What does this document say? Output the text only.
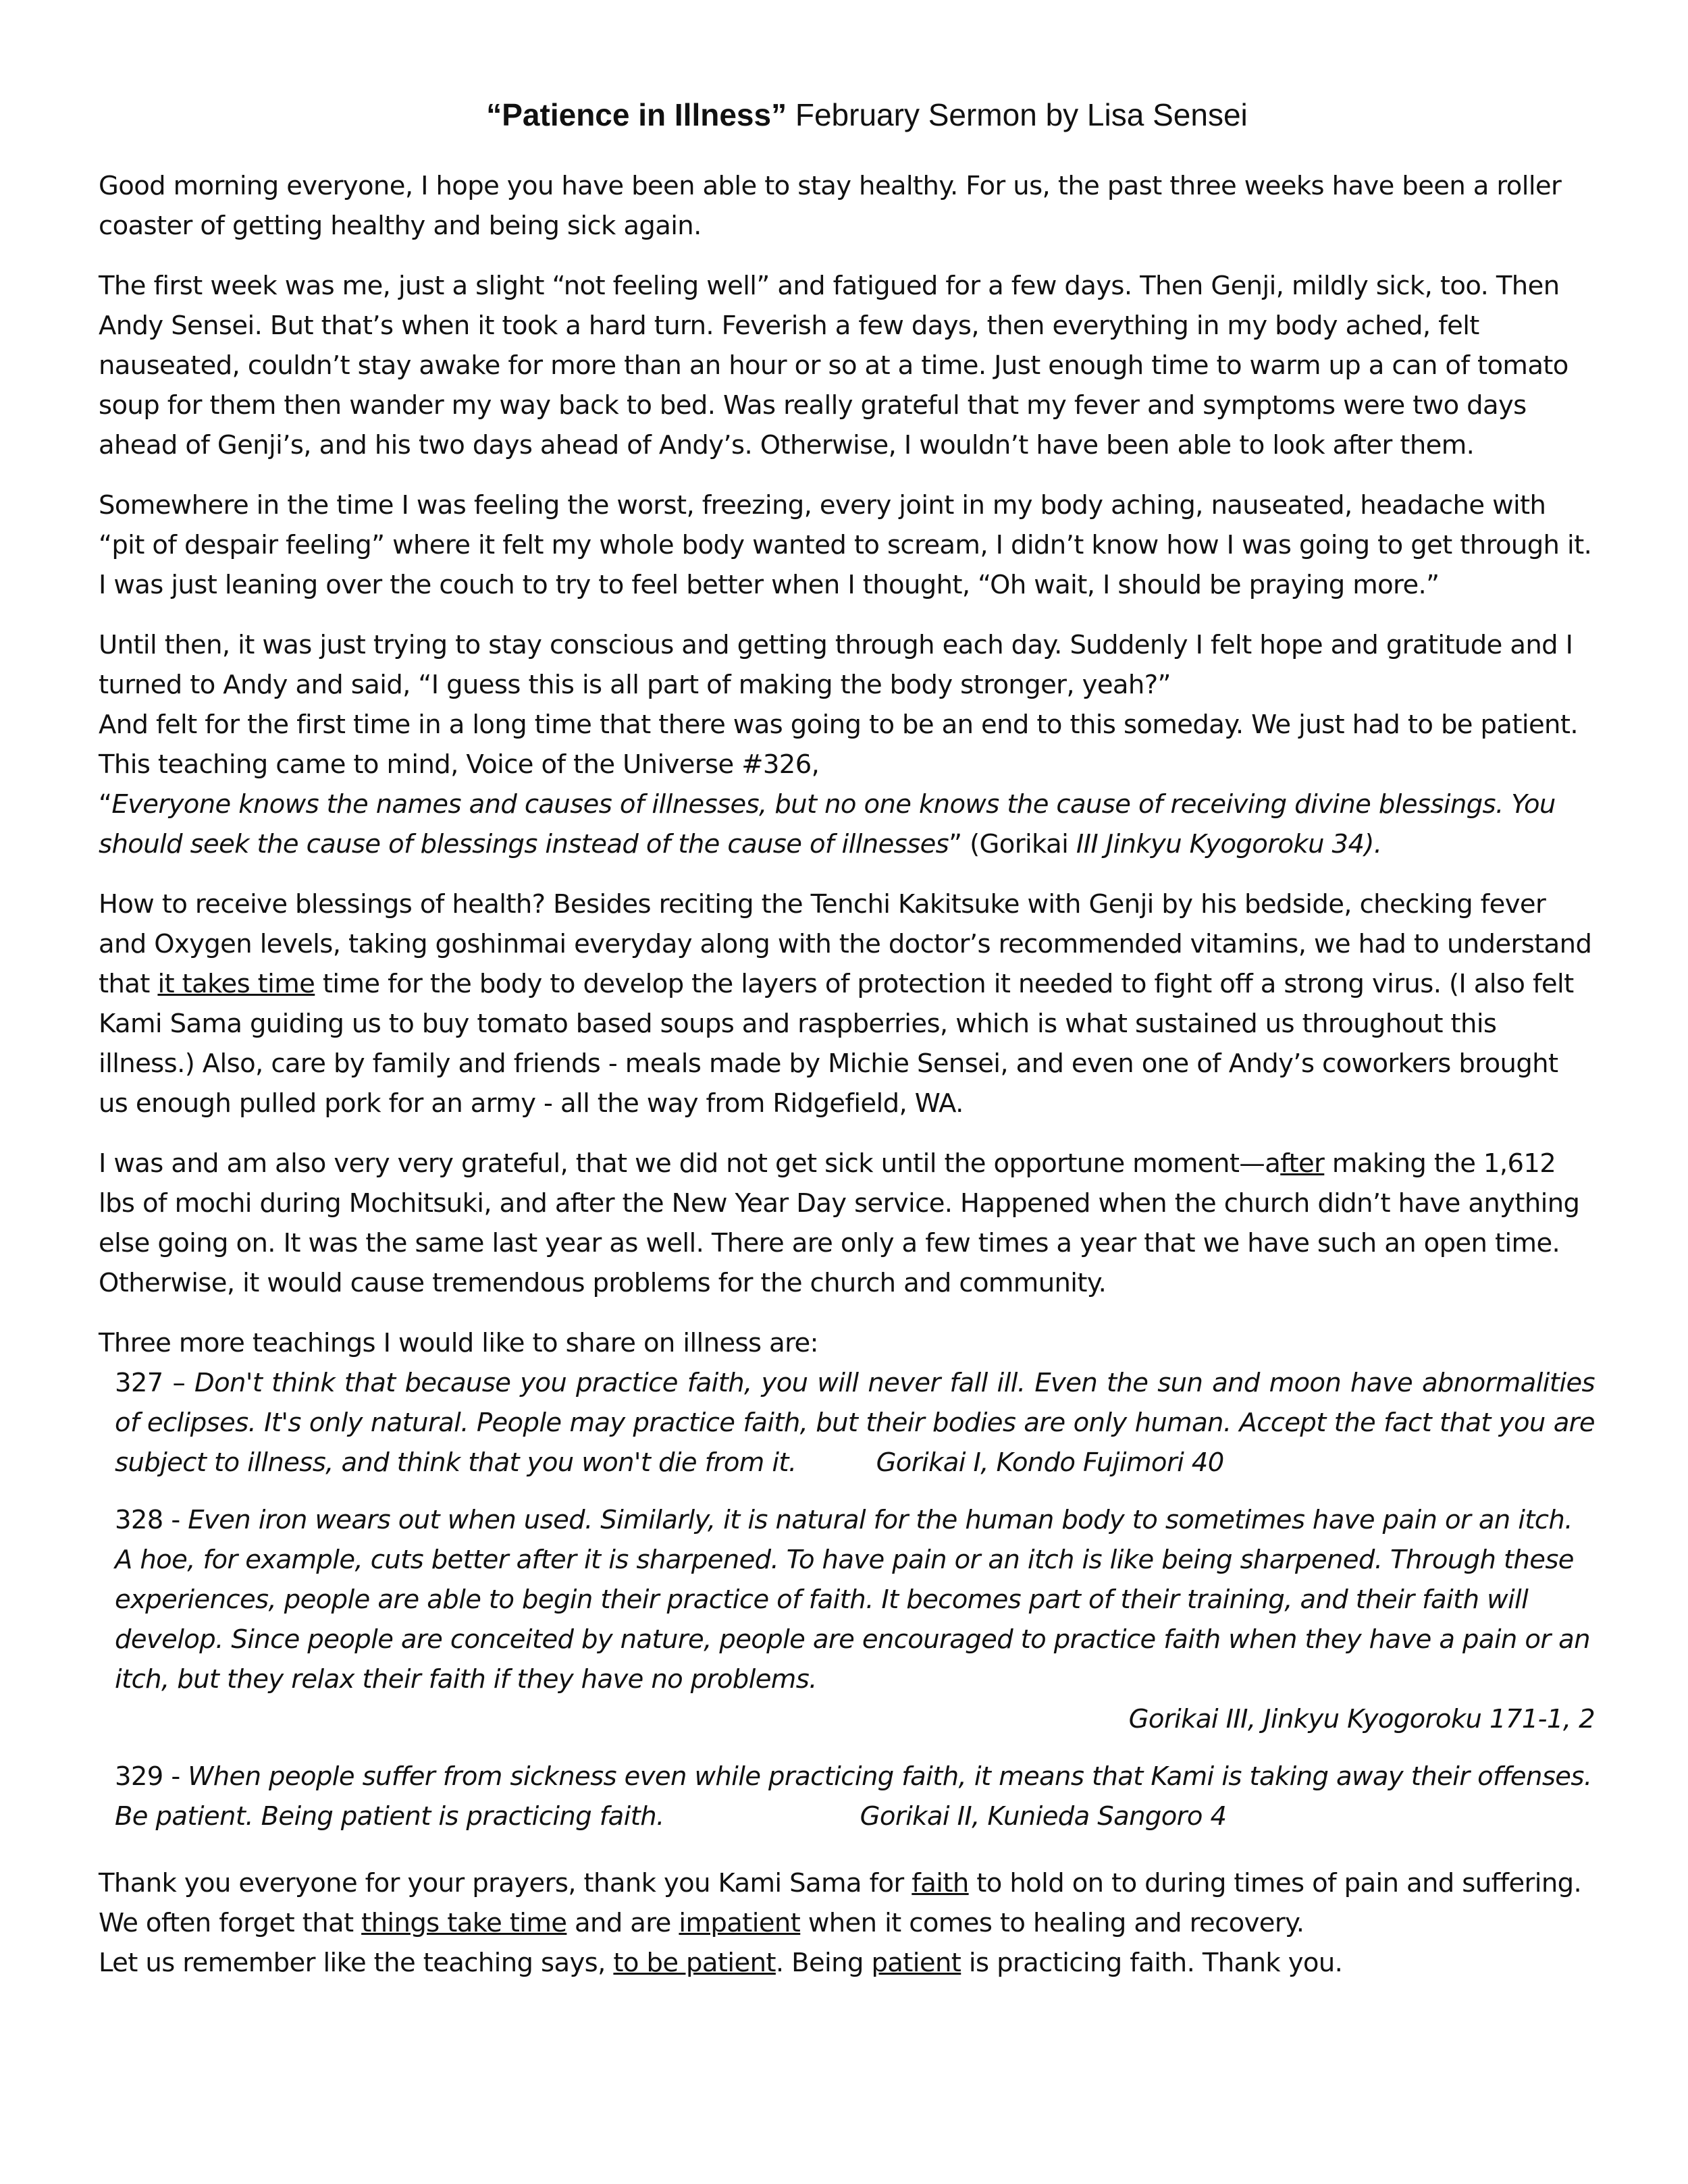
“Patience in Illness” February Sermon by Lisa Sensei

Good morning everyone, I hope you have been able to stay healthy. For us, the past three weeks have been a roller coaster of getting healthy and being sick again.

The first week was me, just a slight “not feeling well” and fatigued for a few days. Then Genji, mildly sick, too. Then Andy Sensei. But that’s when it took a hard turn. Feverish a few days, then everything in my body ached, felt nauseated, couldn’t stay awake for more than an hour or so at a time. Just enough time to warm up a can of tomato soup for them then wander my way back to bed. Was really grateful that my fever and symptoms were two days ahead of Genji’s, and his two days ahead of Andy’s. Otherwise, I wouldn’t have been able to look after them.

Somewhere in the time I was feeling the worst, freezing, every joint in my body aching, nauseated, headache with “pit of despair feeling” where it felt my whole body wanted to scream, I didn’t know how I was going to get through it. I was just leaning over the couch to try to feel better when I thought, “Oh wait, I should be praying more.”

Until then, it was just trying to stay conscious and getting through each day. Suddenly I felt hope and gratitude and I turned to Andy and said, “I guess this is all part of making the body stronger, yeah?”
And felt for the first time in a long time that there was going to be an end to this someday. We just had to be patient. This teaching came to mind, Voice of the Universe #326,
“Everyone knows the names and causes of illnesses, but no one knows the cause of receiving divine blessings. You should seek the cause of blessings instead of the cause of illnesses” (Gorikai III Jinkyu Kyogoroku 34).

How to receive blessings of health? Besides reciting the Tenchi Kakitsuke with Genji by his bedside, checking fever and Oxygen levels, taking goshinmai everyday along with the doctor’s recommended vitamins, we had to understand that it takes time time for the body to develop the layers of protection it needed to fight off a strong virus. (I also felt Kami Sama guiding us to buy tomato based soups and raspberries, which is what sustained us throughout this illness.) Also, care by family and friends - meals made by Michie Sensei, and even one of Andy’s coworkers brought us enough pulled pork for an army - all the way from Ridgefield, WA.

I was and am also very very grateful, that we did not get sick until the opportune moment—after making the 1,612 lbs of mochi during Mochitsuki, and after the New Year Day service. Happened when the church didn’t have anything else going on. It was the same last year as well. There are only a few times a year that we have such an open time. Otherwise, it would cause tremendous problems for the church and community.

Three more teachings I would like to share on illness are:

327 – Don't think that because you practice faith, you will never fall ill. Even the sun and moon have abnormalities of eclipses. It's only natural. People may practice faith, but their bodies are only human. Accept the fact that you are subject to illness, and think that you won't die from it.	Gorikai I, Kondo Fujimori 40
328 - Even iron wears out when used. Similarly, it is natural for the human body to sometimes have pain or an itch. A hoe, for example, cuts better after it is sharpened. To have pain or an itch is like being sharpened. Through these experiences, people are able to begin their practice of faith. It becomes part of their training, and their faith will develop. Since people are conceited by nature, people are encouraged to practice faith when they have a pain or an itch, but they relax their faith if they have no problems.
Gorikai III, Jinkyu Kyogoroku 171-1, 2
329 - When people suffer from sickness even while practicing faith, it means that Kami is taking away their offenses. Be patient. Being patient is practicing faith.	Gorikai II, Kunieda Sangoro 4

Thank you everyone for your prayers, thank you Kami Sama for faith to hold on to during times of pain and suffering. We often forget that things take time and are impatient when it comes to healing and recovery.
Let us remember like the teaching says, to be patient. Being patient is practicing faith. Thank you.
